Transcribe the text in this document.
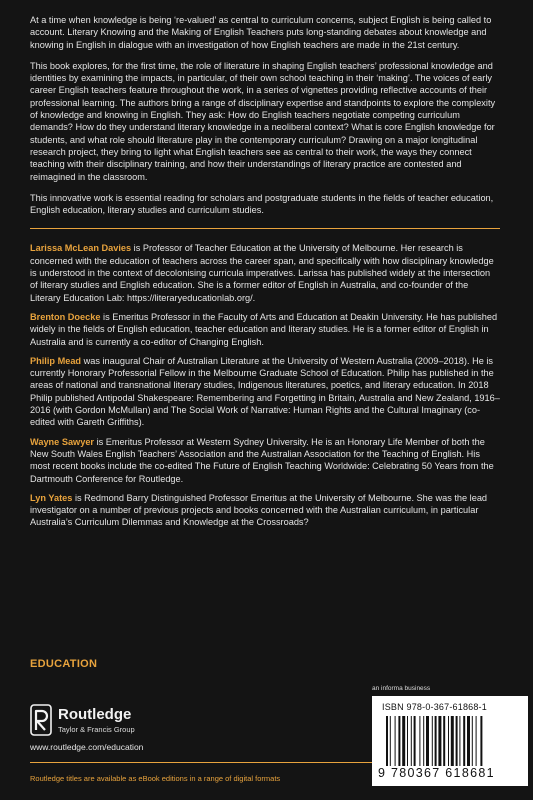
At a time when knowledge is being ‘re-valued’ as central to curriculum concerns, subject English is being called to account. Literary Knowing and the Making of English Teachers puts long-standing debates about knowledge and knowing in English in dialogue with an investigation of how English teachers are made in the 21st century.

This book explores, for the first time, the role of literature in shaping English teachers’ professional knowledge and identities by examining the impacts, in particular, of their own school teaching in their ‘making’. The voices of early career English teachers feature throughout the work, in a series of vignettes providing reflective accounts of their professional learning. The authors bring a range of disciplinary expertise and standpoints to explore the complexity of knowledge and knowing in English. They ask: How do English teachers negotiate competing curriculum demands? How do they understand literary knowledge in a neoliberal context? What is core English knowledge for students, and what role should literature play in the contemporary curriculum? Drawing on a major longitudinal research project, they bring to light what English teachers see as central to their work, the ways they connect teaching with their disciplinary training, and how their understandings of literary practice are contested and reimagined in the classroom.

This innovative work is essential reading for scholars and postgraduate students in the fields of teacher education, English education, literary studies and curriculum studies.

Larissa McLean Davies is Professor of Teacher Education at the University of Melbourne. Her research is concerned with the education of teachers across the career span, and specifically with how disciplinary knowledge is understood in the context of decolonising curricula imperatives. Larissa has published widely at the intersection of literary studies and English education. She is a former editor of English in Australia, and co-founder of the Literary Education Lab: https://literaryeducationlab.org/.

Brenton Doecke is Emeritus Professor in the Faculty of Arts and Education at Deakin University. He has published widely in the fields of English education, teacher education and literary studies. He is a former editor of English in Australia and is currently a co-editor of Changing English.

Philip Mead was inaugural Chair of Australian Literature at the University of Western Australia (2009–2018). He is currently Honorary Professorial Fellow in the Melbourne Graduate School of Education. Philip has published in the areas of national and transnational literary studies, Indigenous literatures, poetics, and literary education. In 2018 Philip published Antipodal Shakespeare: Remembering and Forgetting in Britain, Australia and New Zealand, 1916–2016 (with Gordon McMullan) and The Social Work of Narrative: Human Rights and the Cultural Imaginary (co-edited with Gareth Griffiths).

Wayne Sawyer is Emeritus Professor at Western Sydney University. He is an Honorary Life Member of both the New South Wales English Teachers’ Association and the Australian Association for the Teaching of English. His most recent books include the co-edited The Future of English Teaching Worldwide: Celebrating 50 Years from the Dartmouth Conference for Routledge.

Lyn Yates is Redmond Barry Distinguished Professor Emeritus at the University of Melbourne. She was the lead investigator on a number of previous projects and books concerned with the Australian curriculum, in particular Australia’s Curriculum Dilemmas and Knowledge at the Crossroads?

EDUCATION
Routledge
Taylor & Francis Group
www.routledge.com/education
Routledge titles are available as eBook editions in a range of digital formats
an informa business
ISBN 978-0-367-61868-1
9 780367 618681
